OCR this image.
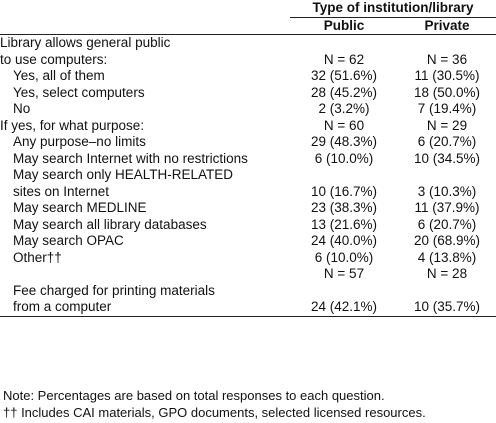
	Type of institution/library	
	Public	Private
Library allows general public		
to use computers:	N = 62	N = 36
Yes, all of them	32 (51.6%)	11 (30.5%)
Yes, select computers	28 (45.2%)	18 (50.0%)
No	2 (3.2%)	7 (19.4%)
If yes, for what purpose:	N = 60	N = 29
Any purpose–no limits	29 (48.3%)	6 (20.7%)
May search Internet with no restrictions	6 (10.0%)	10 (34.5%)
May search only HEALTH-RELATED		
sites on Internet	10 (16.7%)	3 (10.3%)
May search MEDLINE	23 (38.3%)	11 (37.9%)
May search all library databases	13 (21.6%)	6 (20.7%)
May search OPAC	24 (40.0%)	20 (68.9%)
Other††	6 (10.0%)	4 (13.8%)
	N = 57	N = 28
Fee charged for printing materials		
from a computer	24 (42.1%)	10 (35.7%)
Note: Percentages are based on total responses to each question.
†† Includes CAI materials, GPO documents, selected licensed resources.
